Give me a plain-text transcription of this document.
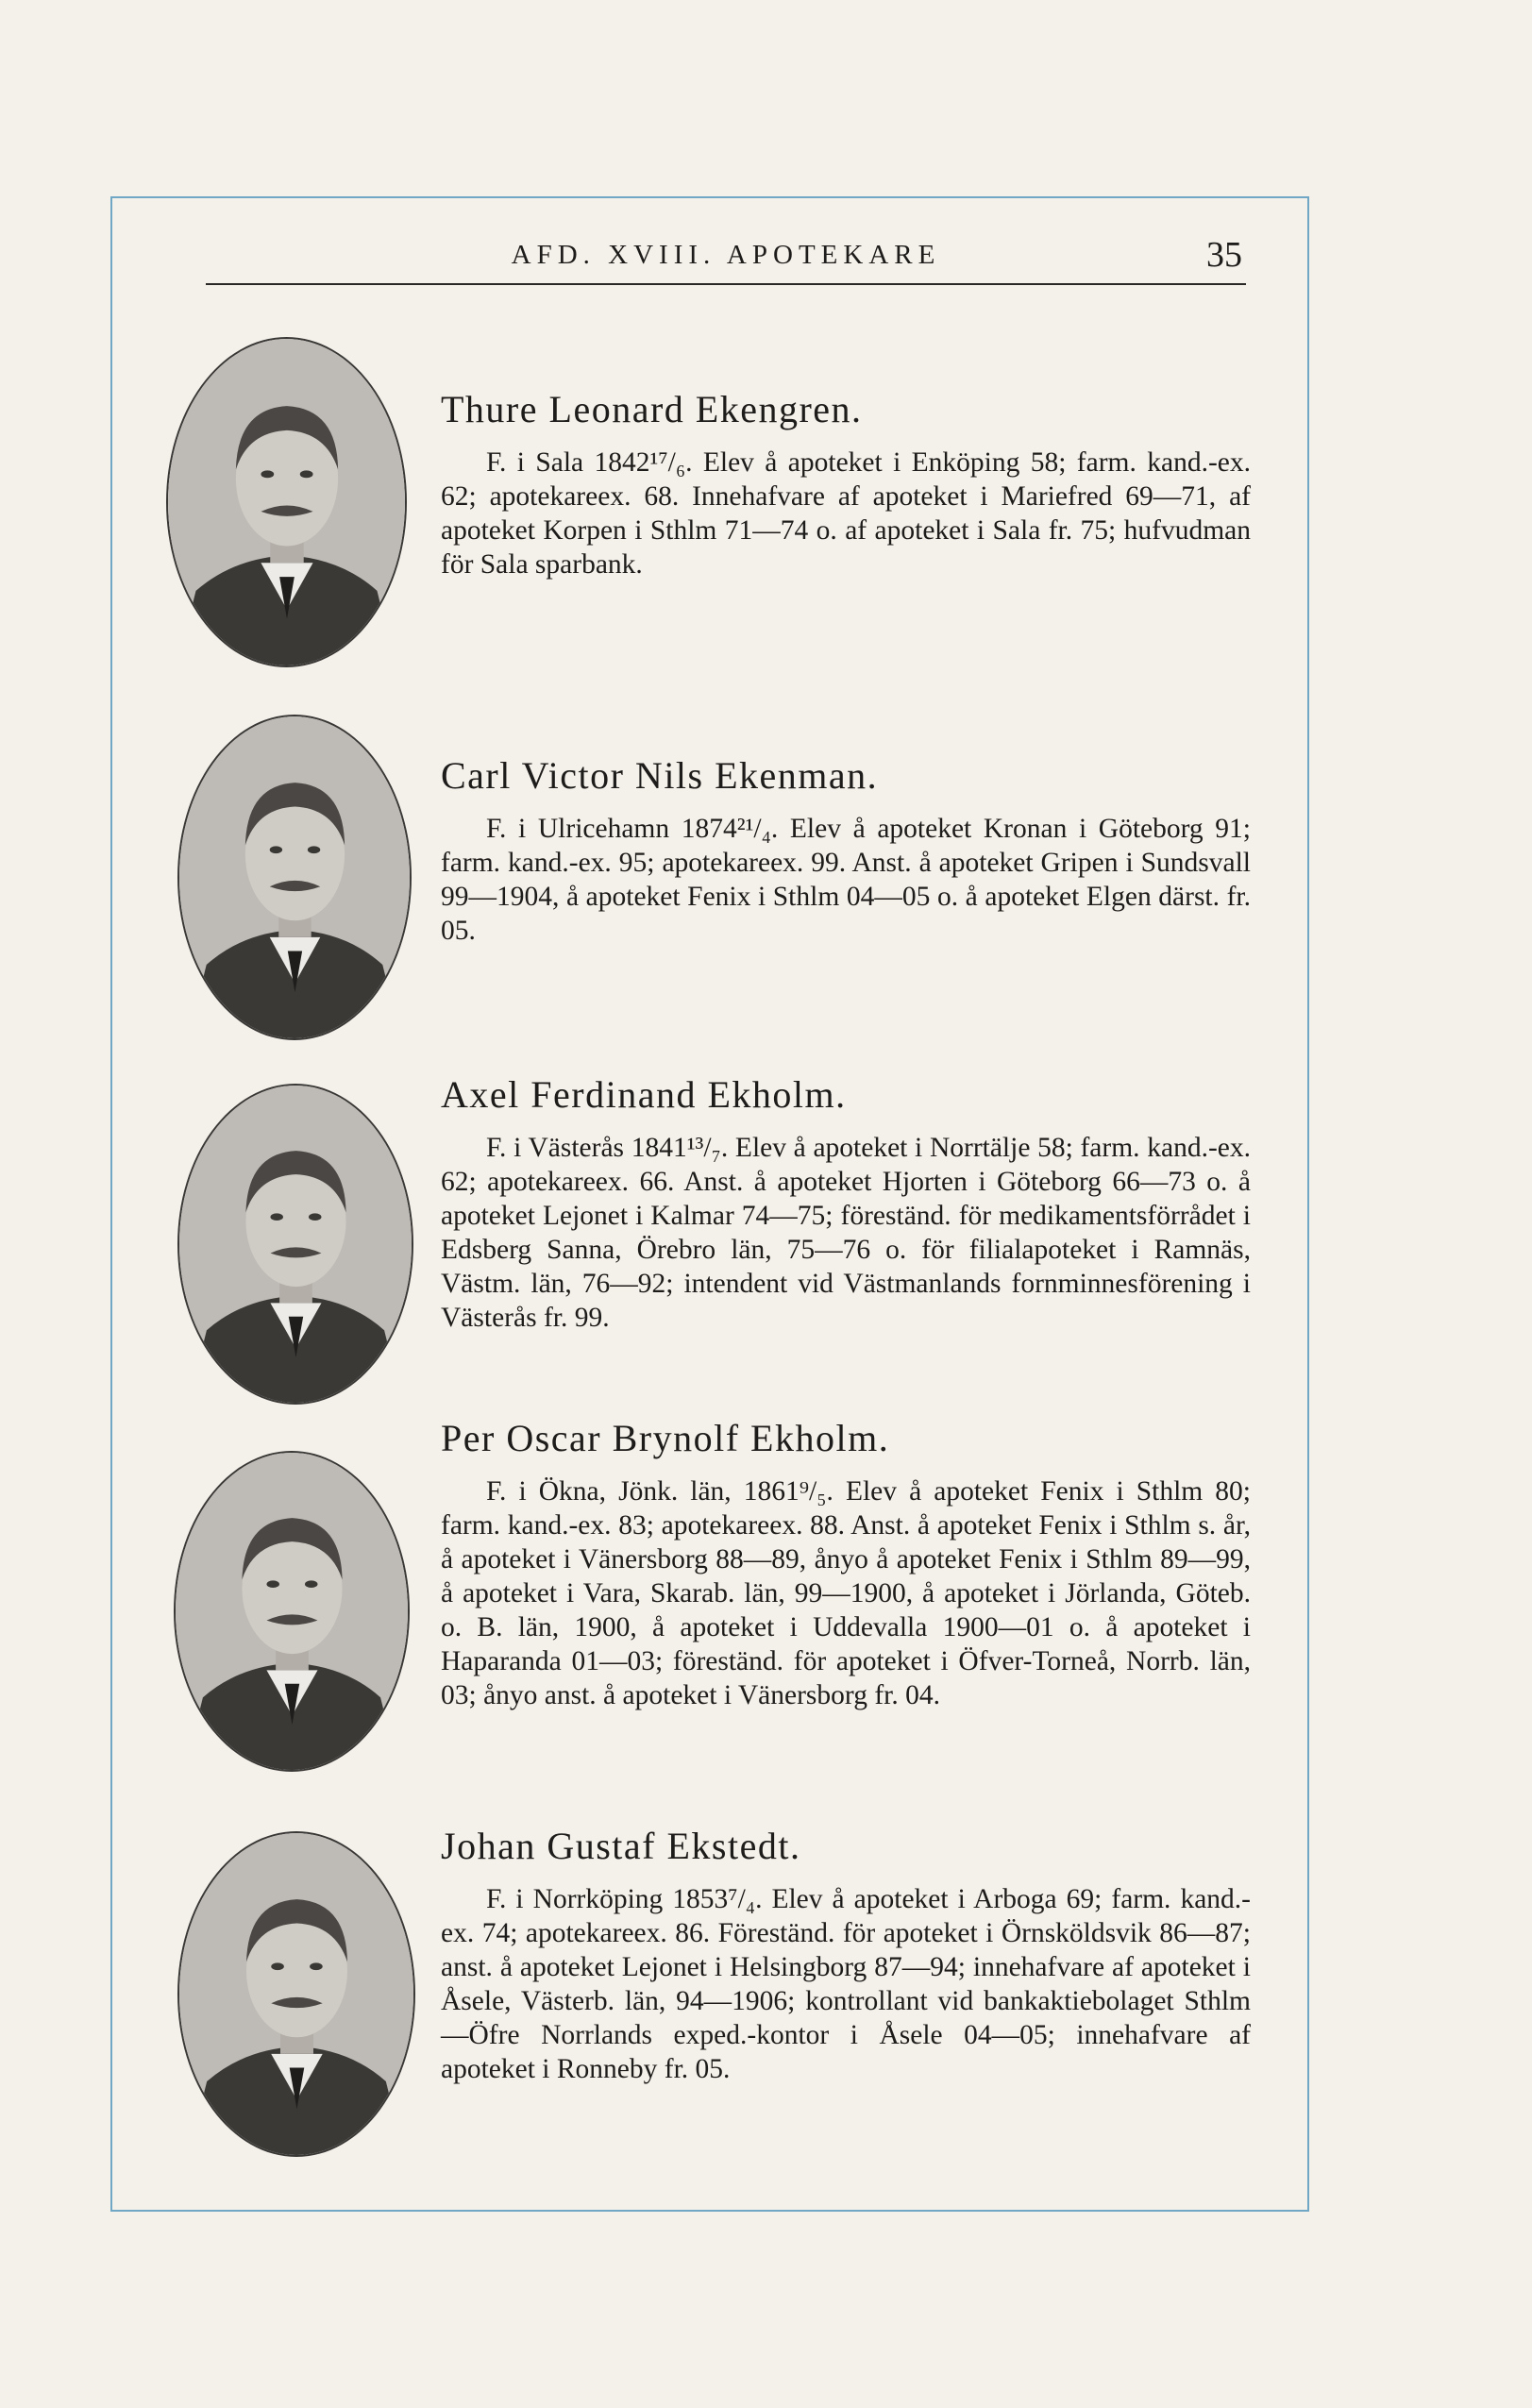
AFD. XVIII. APOTEKARE	35
Thure Leonard Ekengren.
F. i Sala 1842¹⁷/₆. Elev å apoteket i Enköping 58; farm. kand.-ex. 62; apotekareex. 68. Innehafvare af apoteket i Mariefred 69—71, af apoteket Korpen i Sthlm 71—74 o. af apoteket i Sala fr. 75; hufvudman för Sala sparbank.
Carl Victor Nils Ekenman.
F. i Ulricehamn 1874²¹/₄. Elev å apoteket Kronan i Göteborg 91; farm. kand.-ex. 95; apotekareex. 99. Anst. å apoteket Gripen i Sundsvall 99—1904, å apoteket Fenix i Sthlm 04—05 o. å apoteket Elgen därst. fr. 05.
Axel Ferdinand Ekholm.
F. i Västerås 1841¹³/₇. Elev å apoteket i Norrtälje 58; farm. kand.-ex. 62; apotekareex. 66. Anst. å apoteket Hjorten i Göteborg 66—73 o. å apoteket Lejonet i Kalmar 74—75; föreständ. för medikamentsförrådet i Edsberg Sanna, Örebro län, 75—76 o. för filialapoteket i Ramnäs, Västm. län, 76—92; intendent vid Västmanlands fornminnesförening i Västerås fr. 99.
Per Oscar Brynolf Ekholm.
F. i Ökna, Jönk. län, 1861⁹/₅. Elev å apoteket Fenix i Sthlm 80; farm. kand.-ex. 83; apotekareex. 88. Anst. å apoteket Fenix i Sthlm s. år, å apoteket i Vänersborg 88—89, ånyo å apoteket Fenix i Sthlm 89—99, å apoteket i Vara, Skarab. län, 99—1900, å apoteket i Jörlanda, Göteb. o. B. län, 1900, å apoteket i Uddevalla 1900—01 o. å apoteket i Haparanda 01—03; föreständ. för apoteket i Öfver-Torneå, Norrb. län, 03; ånyo anst. å apoteket i Vänersborg fr. 04.
Johan Gustaf Ekstedt.
F. i Norrköping 1853⁷/₄. Elev å apoteket i Arboga 69; farm. kand.-ex. 74; apotekareex. 86. Föreständ. för apoteket i Örnsköldsvik 86—87; anst. å apoteket Lejonet i Helsingborg 87—94; innehafvare af apoteket i Åsele, Västerb. län, 94—1906; kontrollant vid bankaktiebolaget Sthlm—Öfre Norrlands exped.-kontor i Åsele 04—05; innehafvare af apoteket i Ronneby fr. 05.
